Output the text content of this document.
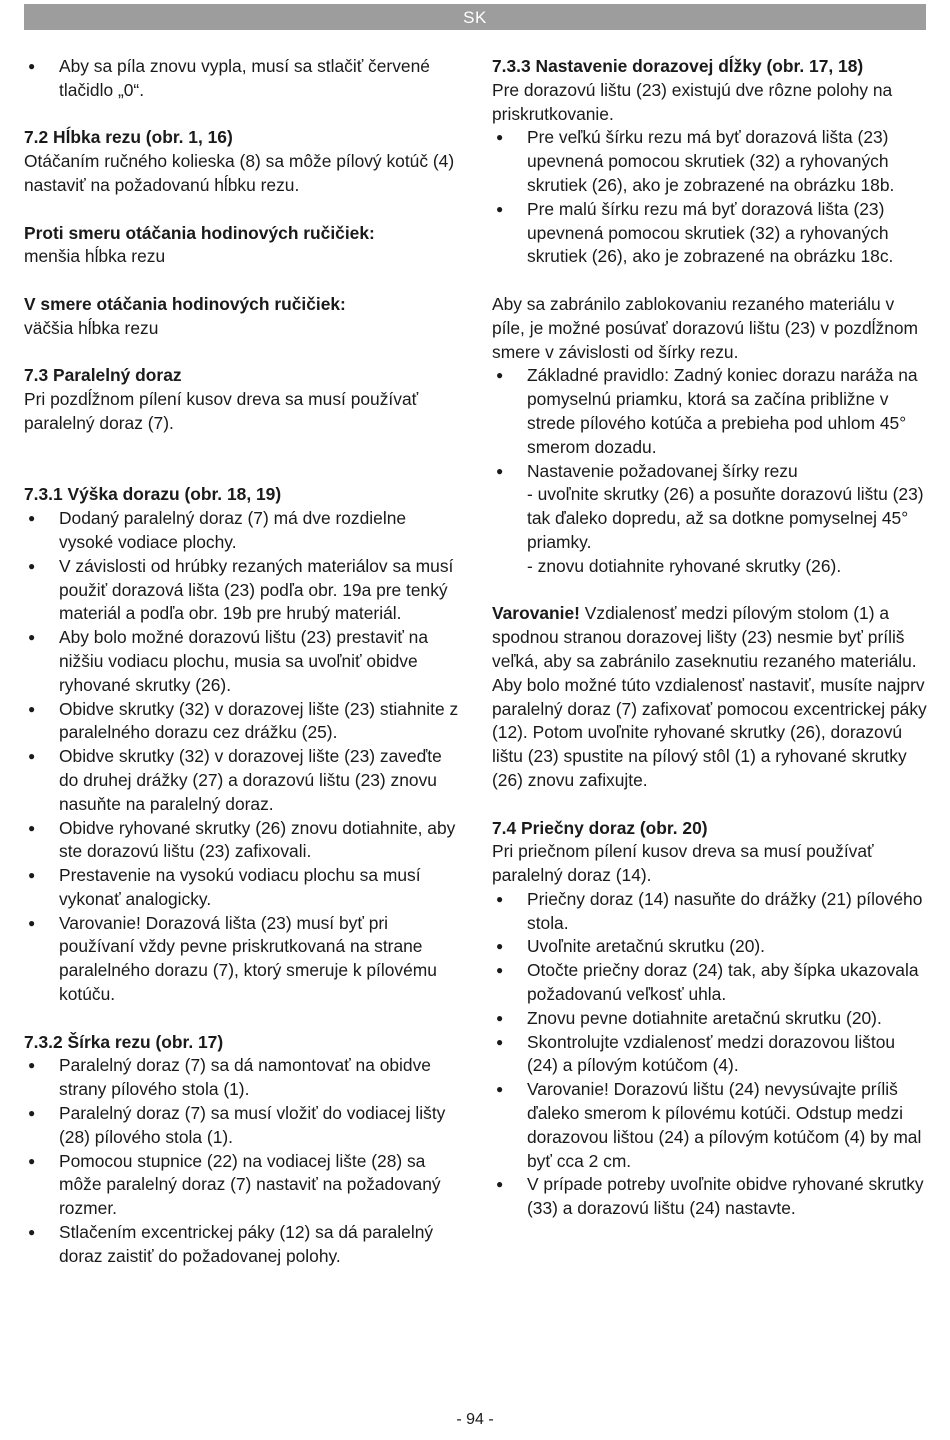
SK
● Aby sa píla znovu vypla, musí sa stlačiť červené tlačidlo „0“.

7.2 Hĺbka rezu (obr. 1, 16)

Otáčaním ručného kolieska (8) sa môže pílový kotúč (4) nastaviť na požadovanú hĺbku rezu.

Proti smeru otáčania hodinových ručičiek:

menšia hĺbka rezu

V smere otáčania hodinových ručičiek:

väčšia hĺbka rezu

7.3 Paralelný doraz

Pri pozdĺžnom pílení kusov dreva sa musí používať paralelný doraz (7).

7.3.1 Výška dorazu (obr. 18, 19)

● Dodaný paralelný doraz (7) má dve rozdielne vysoké vodiace plochy.
● V závislosti od hrúbky rezaných materiálov sa musí použiť dorazová lišta (23) podľa obr. 19a pre tenký materiál a podľa obr. 19b pre hrubý materiál.
● Aby bolo možné dorazovú lištu (23) prestaviť na nižšiu vodiacu plochu, musia sa uvoľniť obidve ryhované skrutky (26).
● Obidve skrutky (32) v dorazovej lište (23) stiahnite z paralelného dorazu cez drážku (25).
● Obidve skrutky (32) v dorazovej lište (23) zaveďte do druhej drážky (27) a dorazovú lištu (23) znovu nasuňte na paralelný doraz.
● Obidve ryhované skrutky (26) znovu dotiahnite, aby ste dorazovú lištu (23) zafixovali.
● Prestavenie na vysokú vodiacu plochu sa musí vykonať analogicky.
● Varovanie! Dorazová lišta (23) musí byť pri používaní vždy pevne priskrutkovaná na strane paralelného dorazu (7), ktorý smeruje k pílovému kotúču.

7.3.2 Šírka rezu (obr. 17)

● Paralelný doraz (7) sa dá namontovať na obidve strany pílového stola (1).
● Paralelný doraz (7) sa musí vložiť do vodiacej lišty (28) pílového stola (1).
● Pomocou stupnice (22) na vodiacej lište (28) sa môže paralelný doraz (7) nastaviť na požadovaný rozmer.
● Stlačením excentrickej páky (12) sa dá paralelný doraz zaistiť do požadovanej polohy.

7.3.3 Nastavenie dorazovej dĺžky (obr. 17, 18)

Pre dorazovú lištu (23) existujú dve rôzne polohy na priskrutkovanie.

● Pre veľkú šírku rezu má byť dorazová lišta (23) upevnená pomocou skrutiek (32) a ryhovaných skrutiek (26), ako je zobrazené na obrázku 18b.
● Pre malú šírku rezu má byť dorazová lišta (23) upevnená pomocou skrutiek (32) a ryhovaných skrutiek (26), ako je zobrazené na obrázku 18c.

Aby sa zabránilo zablokovaniu rezaného materiálu v píle, je možné posúvať dorazovú lištu (23) v pozdĺžnom smere v závislosti od šírky rezu.

● Základné pravidlo: Zadný koniec dorazu naráža na pomyselnú priamku, ktorá sa začína približne v strede pílového kotúča a prebieha pod uhlom 45° smerom dozadu.
● Nastavenie požadovanej šírky rezu
- uvoľnite skrutky (26) a posuňte dorazovú lištu (23) tak ďaleko dopredu, až sa dotkne pomyselnej 45° priamky.
- znovu dotiahnite ryhované skrutky (26).

Varovanie! Vzdialenosť medzi pílovým stolom (1) a spodnou stranou dorazovej lišty (23) nesmie byť príliš veľká, aby sa zabránilo zaseknutiu rezaného materiálu. Aby bolo možné túto vzdialenosť nastaviť, musíte najprv paralelný doraz (7) zafixovať pomocou excentrickej páky (12). Potom uvoľnite ryhované skrutky (26), dorazovú lištu (23) spustite na pílový stôl (1) a ryhované skrutky (26) znovu zafixujte.

7.4 Priečny doraz (obr. 20)

Pri priečnom pílení kusov dreva sa musí používať paralelný doraz (14).

● Priečny doraz (14) nasuňte do drážky (21) pílového stola.
● Uvoľnite aretačnú skrutku (20).
● Otočte priečny doraz (24) tak, aby šípka ukazovala požadovanú veľkosť uhla.
● Znovu pevne dotiahnite aretačnú skrutku (20).
● Skontrolujte vzdialenosť medzi dorazovou lištou (24) a pílovým kotúčom (4).
● Varovanie! Dorazovú lištu (24) nevysúvajte príliš ďaleko smerom k pílovému kotúči. Odstup medzi dorazovou lištou (24) a pílovým kotúčom (4) by mal byť cca 2 cm.
● V prípade potreby uvoľnite obidve ryhované skrutky (33) a dorazovú lištu (24) nastavte.
- 94 -
